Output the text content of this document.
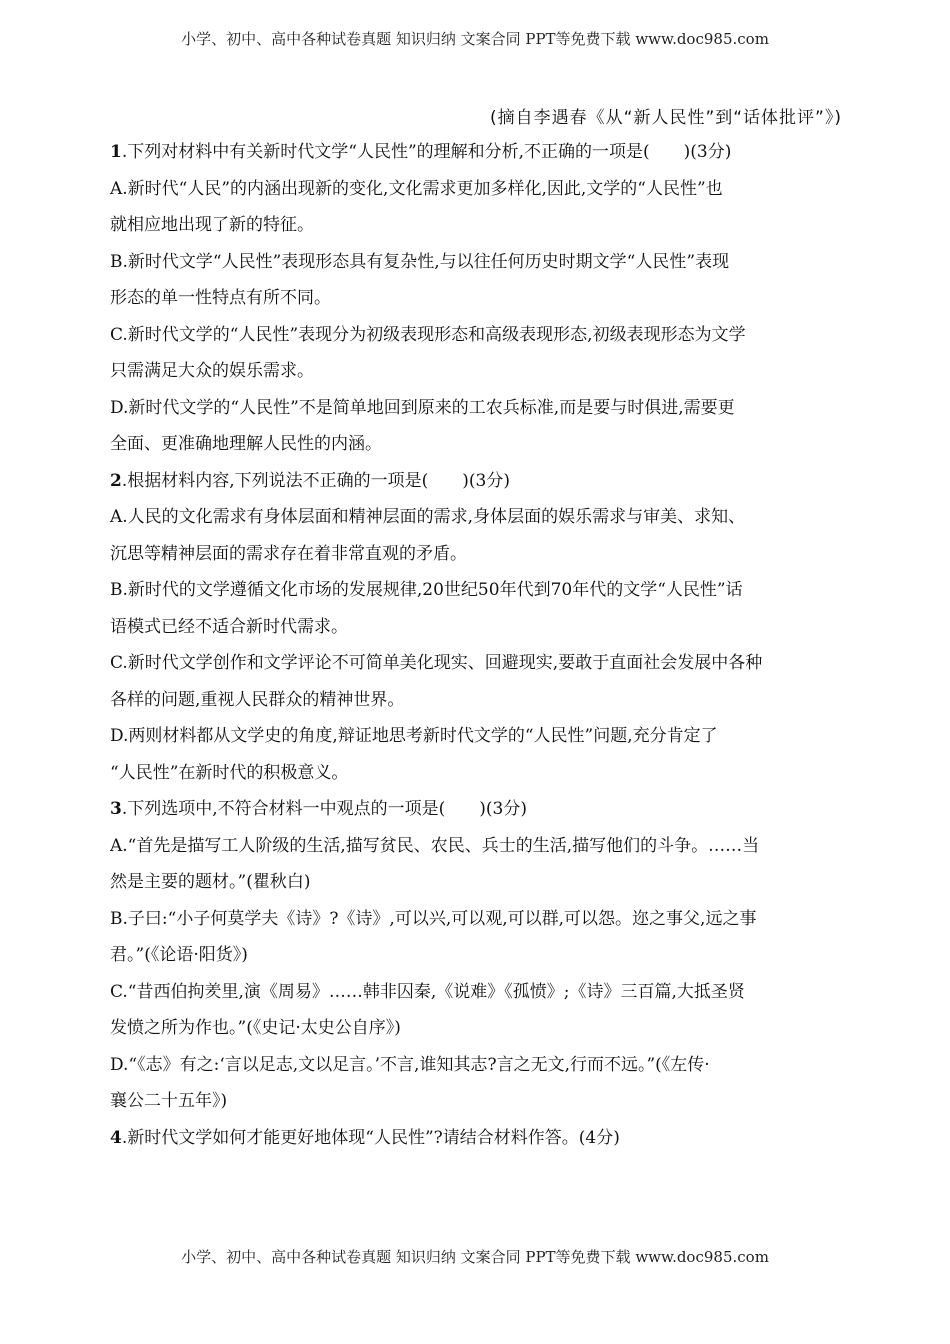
小学、初中、高中各种试卷真题 知识归纳 文案合同 PPT等免费下载 www.doc985.com
(摘自李遇春《从“新人民性”到“话体批评”》)
1.下列对材料中有关新时代文学“人民性”的理解和分析,不正确的一项是(　　)(3分)
A.新时代“人民”的内涵出现新的变化,文化需求更加多样化,因此,文学的“人民性”也
就相应地出现了新的特征。
B.新时代文学“人民性”表现形态具有复杂性,与以往任何历史时期文学“人民性”表现
形态的单一性特点有所不同。
C.新时代文学的“人民性”表现分为初级表现形态和高级表现形态,初级表现形态为文学
只需满足大众的娱乐需求。
D.新时代文学的“人民性”不是简单地回到原来的工农兵标准,而是要与时俱进,需要更
全面、更准确地理解人民性的内涵。
2.根据材料内容,下列说法不正确的一项是(　　)(3分)
A.人民的文化需求有身体层面和精神层面的需求,身体层面的娱乐需求与审美、求知、
沉思等精神层面的需求存在着非常直观的矛盾。
B.新时代的文学遵循文化市场的发展规律,20世纪50年代到70年代的文学“人民性”话
语模式已经不适合新时代需求。
C.新时代文学创作和文学评论不可简单美化现实、回避现实,要敢于直面社会发展中各种
各样的问题,重视人民群众的精神世界。
D.两则材料都从文学史的角度,辩证地思考新时代文学的“人民性”问题,充分肯定了
“人民性”在新时代的积极意义。
3.下列选项中,不符合材料一中观点的一项是(　　)(3分)
A.“首先是描写工人阶级的生活,描写贫民、农民、兵士的生活,描写他们的斗争。……当
然是主要的题材。”(瞿秋白)
B.子曰:“小子何莫学夫《诗》?《诗》,可以兴,可以观,可以群,可以怨。迩之事父,远之事
君。”(《论语·阳货》)
C.“昔西伯拘羑里,演《周易》……韩非囚秦,《说难》《孤愤》;《诗》三百篇,大抵圣贤
发愤之所为作也。”(《史记·太史公自序》)
D.“《志》有之:‘言以足志,文以足言。’不言,谁知其志?言之无文,行而不远。”(《左传·
襄公二十五年》)
4.新时代文学如何才能更好地体现“人民性”?请结合材料作答。(4分)
小学、初中、高中各种试卷真题 知识归纳 文案合同 PPT等免费下载 www.doc985.com
